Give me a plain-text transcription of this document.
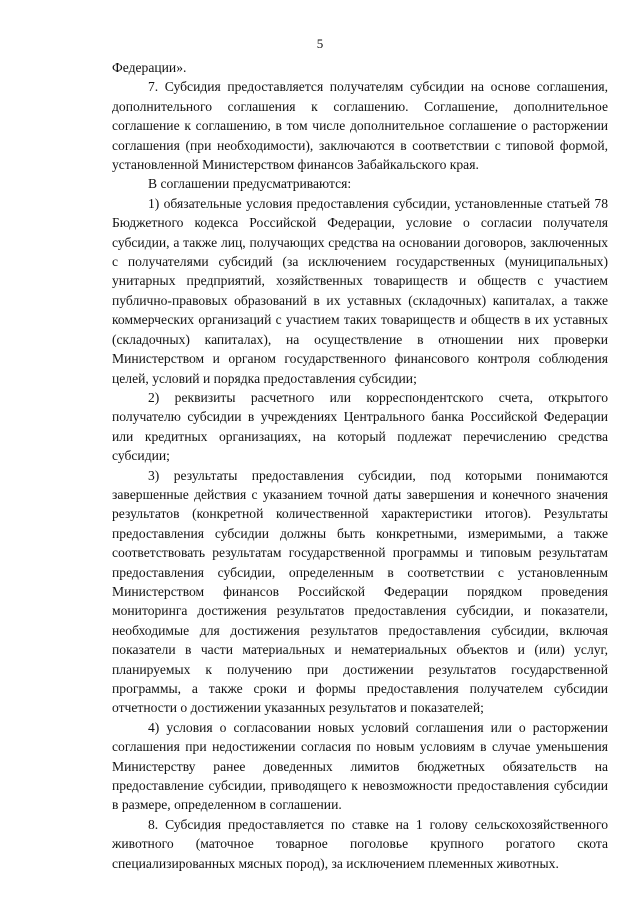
5

Федерации».

7. Субсидия предоставляется получателям субсидии на основе соглашения, дополнительного соглашения к соглашению. Соглашение, дополнительное соглашение к соглашению, в том числе дополнительное соглашение о расторжении соглашения (при необходимости), заключаются в соответствии с типовой формой, установленной Министерством финансов Забайкальского края.

В соглашении предусматриваются:

1) обязательные условия предоставления субсидии, установленные статьей 78 Бюджетного кодекса Российской Федерации, условие о согласии получателя субсидии, а также лиц, получающих средства на основании договоров, заключенных с получателями субсидий (за исключением государственных (муниципальных) унитарных предприятий, хозяйственных товариществ и обществ с участием публично-правовых образований в их уставных (складочных) капиталах, а также коммерческих организаций с участием таких товариществ и обществ в их уставных (складочных) капиталах), на осуществление в отношении них проверки Министерством и органом государственного финансового контроля соблюдения целей, условий и порядка предоставления субсидии;

2) реквизиты расчетного или корреспондентского счета, открытого получателю субсидии в учреждениях Центрального банка Российской Федерации или кредитных организациях, на который подлежат перечислению средства субсидии;

3) результаты предоставления субсидии, под которыми понимаются завершенные действия с указанием точной даты завершения и конечного значения результатов (конкретной количественной характеристики итогов). Результаты предоставления субсидии должны быть конкретными, измеримыми, а также соответствовать результатам государственной программы и типовым результатам предоставления субсидии, определенным в соответствии с установленным Министерством финансов Российской Федерации порядком проведения мониторинга достижения результатов предоставления субсидии, и показатели, необходимые для достижения результатов предоставления субсидии, включая показатели в части материальных и нематериальных объектов и (или) услуг, планируемых к получению при достижении результатов государственной программы, а также сроки и формы предоставления получателем субсидии отчетности о достижении указанных результатов и показателей;

4) условия о согласовании новых условий соглашения или о расторжении соглашения при недостижении согласия по новым условиям в случае уменьшения Министерству ранее доведенных лимитов бюджетных обязательств на предоставление субсидии, приводящего к невозможности предоставления субсидии в размере, определенном в соглашении.

8. Субсидия предоставляется по ставке на 1 голову сельскохозяйственного животного (маточное товарное поголовье крупного рогатого скота специализированных мясных пород), за исключением племенных животных.
